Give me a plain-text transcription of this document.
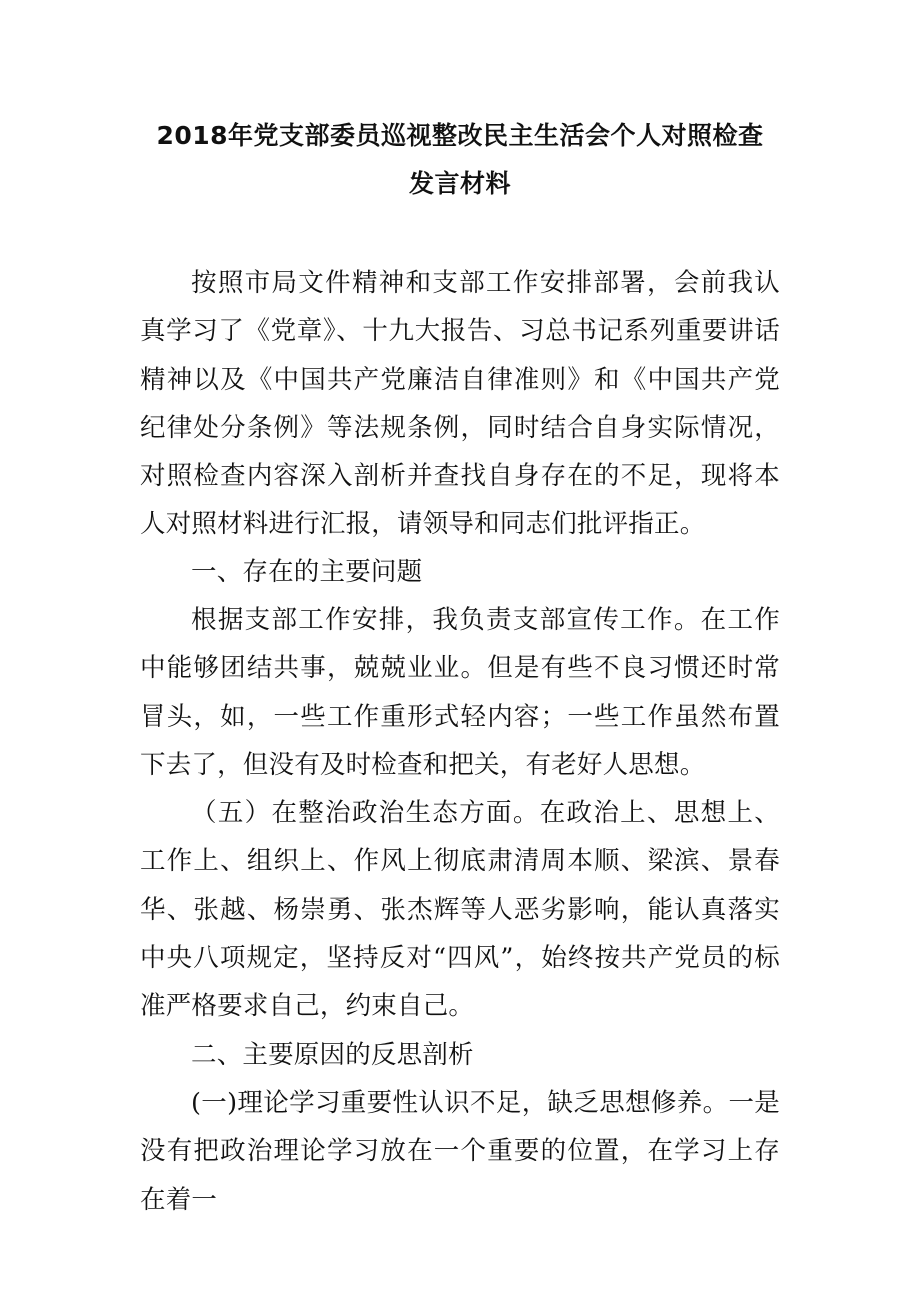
2018年党支部委员巡视整改民主生活会个人对照检查
发言材料

按照市局文件精神和支部工作安排部署，会前我认真学习了《党章》、十九大报告、习总书记系列重要讲话精神以及《中国共产党廉洁自律准则》和《中国共产党纪律处分条例》等法规条例，同时结合自身实际情况，对照检查内容深入剖析并查找自身存在的不足，现将本人对照材料进行汇报，请领导和同志们批评指正。

一、存在的主要问题

根据支部工作安排，我负责支部宣传工作。在工作中能够团结共事，兢兢业业。但是有些不良习惯还时常冒头，如，一些工作重形式轻内容；一些工作虽然布置下去了，但没有及时检查和把关，有老好人思想。

（五）在整治政治生态方面。在政治上、思想上、工作上、组织上、作风上彻底肃清周本顺、梁滨、景春华、张越、杨崇勇、张杰辉等人恶劣影响，能认真落实中央八项规定，坚持反对“四风”，始终按共产党员的标准严格要求自己，约束自己。

二、主要原因的反思剖析

(一)理论学习重要性认识不足，缺乏思想修养。一是没有把政治理论学习放在一个重要的位置，在学习上存在着一
